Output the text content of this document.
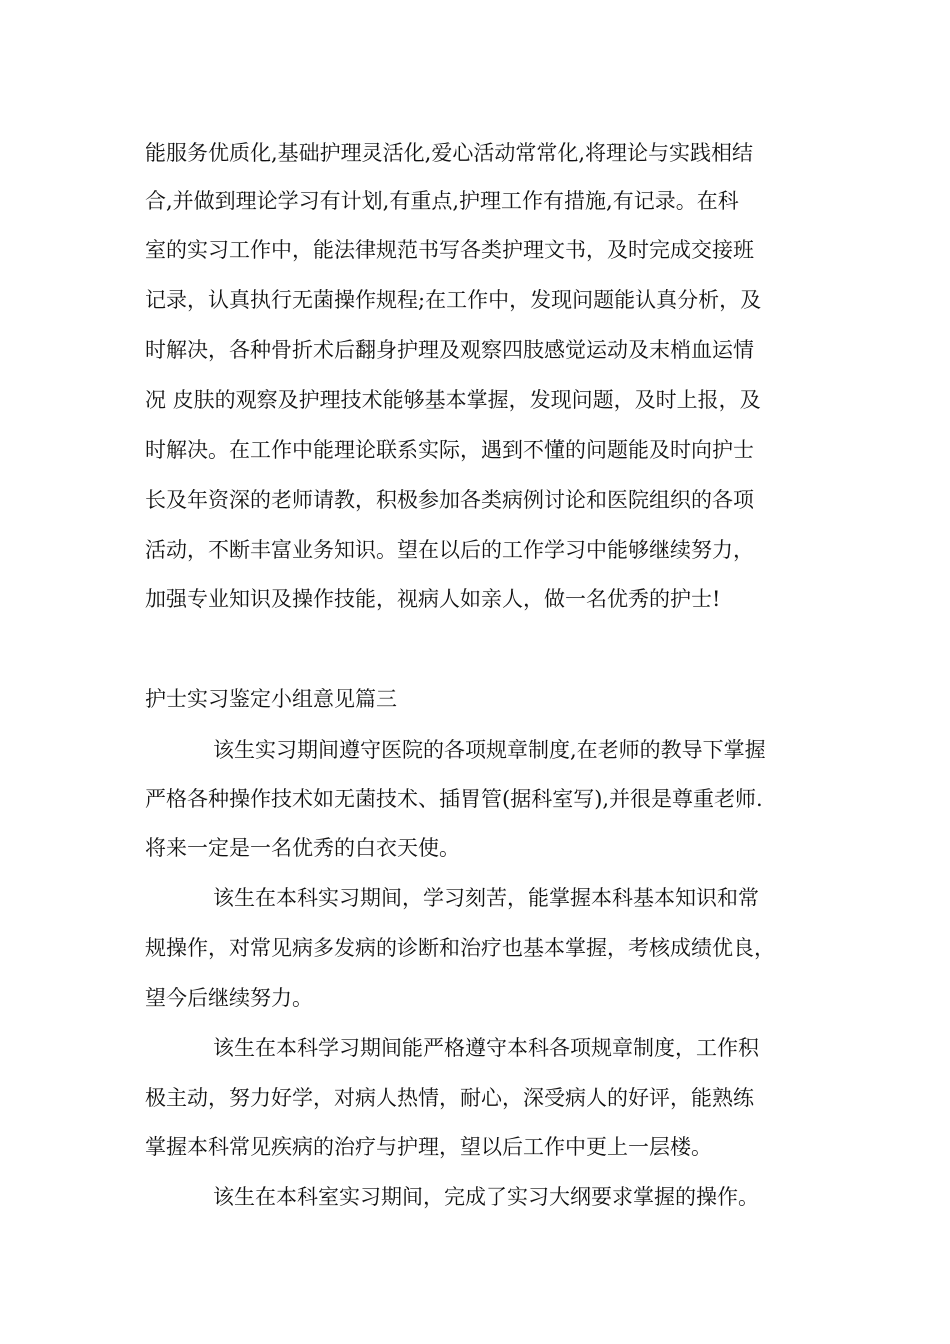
能服务优质化,基础护理灵活化,爱心活动常常化,将理论与实践相结
合,并做到理论学习有计划,有重点,护理工作有措施,有记录。在科
室的实习工作中，能法律规范书写各类护理文书，及时完成交接班
记录，认真执行无菌操作规程;在工作中，发现问题能认真分析，及
时解决，各种骨折术后翻身护理及观察四肢感觉运动及末梢血运情
况 皮肤的观察及护理技术能够基本掌握，发现问题，及时上报，及
时解决。在工作中能理论联系实际，遇到不懂的问题能及时向护士
长及年资深的老师请教，积极参加各类病例讨论和医院组织的各项
活动，不断丰富业务知识。望在以后的工作学习中能够继续努力，
加强专业知识及操作技能，视病人如亲人，做一名优秀的护士!
护士实习鉴定小组意见篇三
该生实习期间遵守医院的各项规章制度,在老师的教导下掌握
严格各种操作技术如无菌技术、插胃管(据科室写),并很是尊重老师.
将来一定是一名优秀的白衣天使。
该生在本科实习期间，学习刻苦，能掌握本科基本知识和常
规操作，对常见病多发病的诊断和治疗也基本掌握，考核成绩优良，
望今后继续努力。
该生在本科学习期间能严格遵守本科各项规章制度，工作积
极主动，努力好学，对病人热情，耐心，深受病人的好评，能熟练
掌握本科常见疾病的治疗与护理，望以后工作中更上一层楼。
该生在本科室实习期间，完成了实习大纲要求掌握的操作。
